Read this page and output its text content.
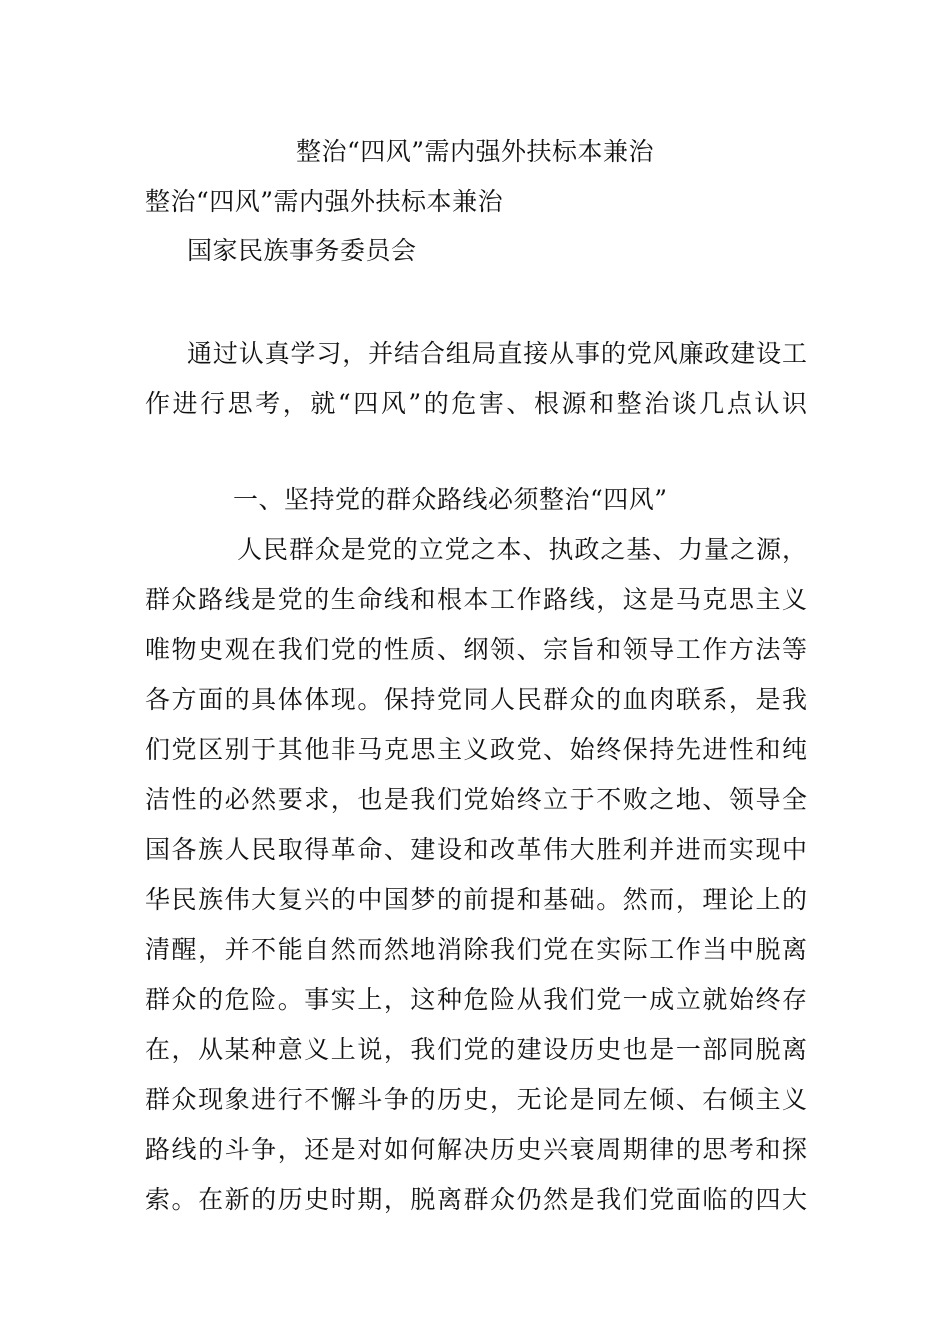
整治“四风”需内强外扶标本兼治
整治“四风”需内强外扶标本兼治
国家民族事务委员会
通过认真学习，并结合组局直接从事的党风廉政建设工
作进行思考，就“四风”的危害、根源和整治谈几点认识
一、坚持党的群众路线必须整治“四风”
人民群众是党的立党之本、执政之基、力量之源，
群众路线是党的生命线和根本工作路线，这是马克思主义
唯物史观在我们党的性质、纲领、宗旨和领导工作方法等
各方面的具体体现。保持党同人民群众的血肉联系，是我
们党区别于其他非马克思主义政党、始终保持先进性和纯
洁性的必然要求，也是我们党始终立于不败之地、领导全
国各族人民取得革命、建设和改革伟大胜利并进而实现中
华民族伟大复兴的中国梦的前提和基础。然而，理论上的
清醒，并不能自然而然地消除我们党在实际工作当中脱离
群众的危险。事实上，这种危险从我们党一成立就始终存
在，从某种意义上说，我们党的建设历史也是一部同脱离
群众现象进行不懈斗争的历史，无论是同左倾、右倾主义
路线的斗争，还是对如何解决历史兴衰周期律的思考和探
索。在新的历史时期，脱离群众仍然是我们党面临的四大
